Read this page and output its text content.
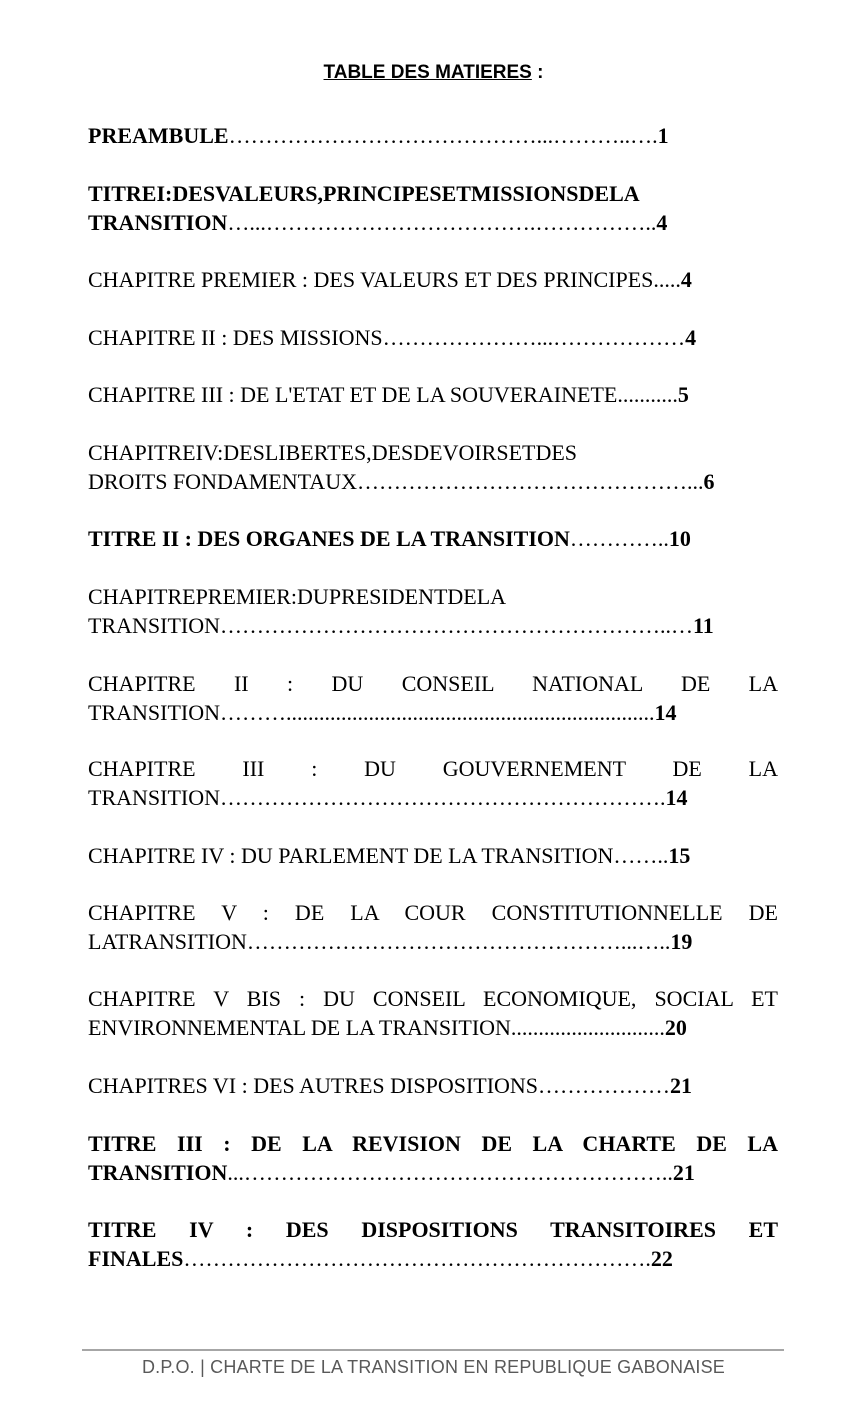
TABLE DES MATIERES :
PREAMBULE……………………………………...………..….1
TITREI:DESVALEURS,PRINCIPESETMISSIONSDELA
TRANSITION…...……………………………….……………..4
CHAPITRE PREMIER : DES VALEURS ET DES PRINCIPES.....4
CHAPITRE II : DES MISSIONS…………………...………………4
CHAPITRE III : DE L'ETAT ET DE LA SOUVERAINETE...........5
CHAPITREIV:DESLIBERTES,DESDEVOIRSETDES
DROITS FONDAMENTAUX………………………………………...6
TITRE II : DES ORGANES DE LA TRANSITION…………..10
CHAPITREPREMIER:DUPRESIDENTDELA
TRANSITION……………………………………………………..…11
CHAPITRE II : DU CONSEIL NATIONAL DE LA
TRANSITION………...................................................................14
CHAPITRE III : DU GOUVERNEMENT DE LA
TRANSITION…………………………………………………….14
CHAPITRE IV : DU PARLEMENT DE LA TRANSITION……..15
CHAPITRE V : DE LA COUR CONSTITUTIONNELLE DE
LATRANSITION……………………………………………...…..19
CHAPITRE V BIS : DU CONSEIL ECONOMIQUE, SOCIAL ET
ENVIRONNEMENTAL DE LA TRANSITION............................20
CHAPITRES VI : DES AUTRES DISPOSITIONS………………21
TITRE III : DE LA REVISION DE LA CHARTE DE LA
TRANSITION...…………………………………………………..21
TITRE IV : DES DISPOSITIONS TRANSITOIRES ET
FINALES……………………………………………………….22
D.P.O. | CHARTE DE LA TRANSITION EN REPUBLIQUE GABONAISE
